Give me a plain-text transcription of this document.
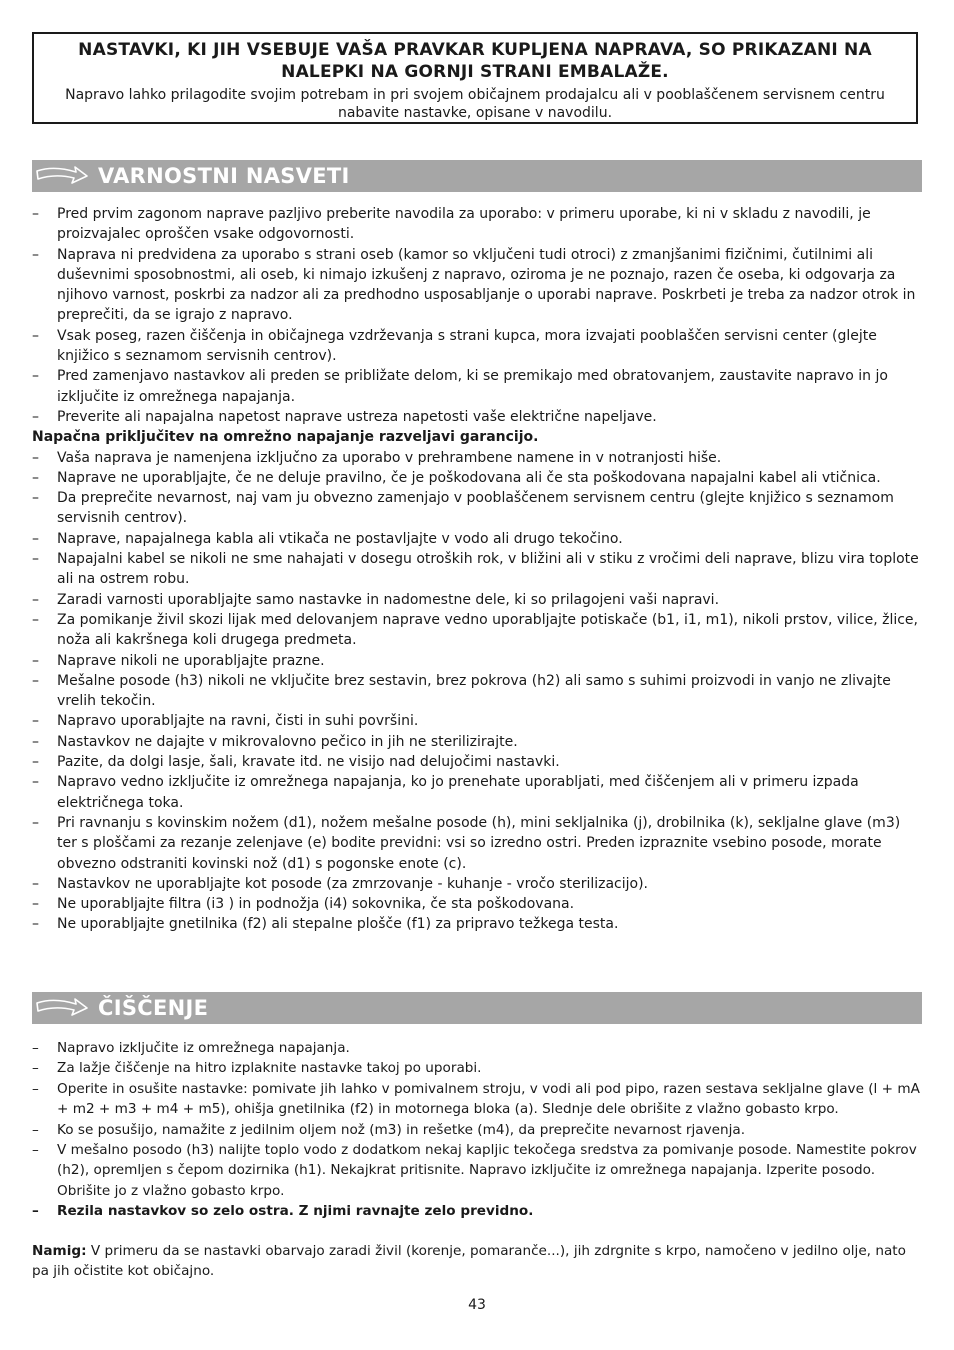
NASTAVKI, KI JIH VSEBUJE VAŠA PRAVKAR KUPLJENA NAPRAVA, SO PRIKAZANI NA NALEPKI NA GORNJI STRANI EMBALAŽE.
Napravo lahko prilagodite svojim potrebam in pri svojem običajnem prodajalcu ali v pooblaščenem servisnem centru nabavite nastavke, opisane v navodilu.
VARNOSTNI NASVETI
– Pred prvim zagonom naprave pazljivo preberite navodila za uporabo: v primeru uporabe, ki ni v skladu z navodili, je proizvajalec oproščen vsake odgovornosti.
– Naprava ni predvidena za uporabo s strani oseb (kamor so vključeni tudi otroci) z zmanjšanimi fizičnimi, čutilnimi ali duševnimi sposobnostmi, ali oseb, ki nimajo izkušenj z napravo, oziroma je ne poznajo, razen če oseba, ki odgovarja za njihovo varnost, poskrbi za nadzor ali za predhodno usposabljanje o uporabi naprave. Poskrbeti je treba za nadzor otrok in preprečiti, da se igrajo z napravo.
– Vsak poseg, razen čiščenja in običajnega vzdrževanja s strani kupca, mora izvajati pooblaščen servisni center (glejte knjižico s seznamom servisnih centrov).
– Pred zamenjavo nastavkov ali preden se približate delom, ki se premikajo med obratovanjem, zaustavite napravo in jo izključite iz omrežnega napajanja.
– Preverite ali napajalna napetost naprave ustreza napetosti vaše električne napeljave.
Napačna priključitev na omrežno napajanje razveljavi garancijo.
– Vaša naprava je namenjena izključno za uporabo v prehrambene namene in v notranjosti hiše.
– Naprave ne uporabljajte, če ne deluje pravilno, če je poškodovana ali če sta poškodovana napajalni kabel ali vtičnica.
– Da preprečite nevarnost, naj vam ju obvezno zamenjajo v pooblaščenem servisnem centru (glejte knjižico s seznamom servisnih centrov).
– Naprave, napajalnega kabla ali vtikača ne postavljajte v vodo ali drugo tekočino.
– Napajalni kabel se nikoli ne sme nahajati v dosegu otroških rok, v bližini ali v stiku z vročimi deli naprave, blizu vira toplote ali na ostrem robu.
– Zaradi varnosti uporabljajte samo nastavke in nadomestne dele, ki so prilagojeni vaši napravi.
– Za pomikanje živil skozi lijak med delovanjem naprave vedno uporabljajte potiskače (b1, i1, m1), nikoli prstov, vilice, žlice, noža ali kakršnega koli drugega predmeta.
– Naprave nikoli ne uporabljajte prazne.
– Mešalne posode (h3) nikoli ne vključite brez sestavin, brez pokrova (h2) ali samo s suhimi proizvodi in vanjo ne zlivajte vrelih tekočin.
– Napravo uporabljajte na ravni, čisti in suhi površini.
– Nastavkov ne dajajte v mikrovalovno pečico in jih ne sterilizirajte.
– Pazite, da dolgi lasje, šali, kravate itd. ne visijo nad delujočimi nastavki.
– Napravo vedno izključite iz omrežnega napajanja, ko jo prenehate uporabljati, med čiščenjem ali v primeru izpada električnega toka.
– Pri ravnanju s kovinskim nožem (d1), nožem mešalne posode (h), mini sekljalnika (j), drobilnika (k), sekljalne glave (m3) ter s ploščami za rezanje zelenjave (e) bodite previdni: vsi so izredno ostri. Preden izpraznite vsebino posode, morate obvezno odstraniti kovinski nož (d1) s pogonske enote (c).
– Nastavkov ne uporabljajte kot posode (za zmrzovanje - kuhanje - vročo sterilizacijo).
– Ne uporabljajte filtra (i3 ) in podnožja (i4) sokovnika, če sta poškodovana.
– Ne uporabljajte gnetilnika (f2) ali stepalne plošče (f1) za pripravo težkega testa.
ČIŠČENJE
– Napravo izključite iz omrežnega napajanja.
– Za lažje čiščenje na hitro izplaknite nastavke takoj po uporabi.
– Operite in osušite nastavke: pomivate jih lahko v pomivalnem stroju, v vodi ali pod pipo, razen sestava sekljalne glave (l + mA + m2 + m3 + m4 + m5), ohišja gnetilnika (f2) in motornega bloka (a). Slednje dele obrišite z vlažno gobasto krpo.
– Ko se posušijo, namažite z jedilnim oljem nož (m3) in rešetke (m4), da preprečite nevarnost rjavenja.
– V mešalno posodo (h3) nalijte toplo vodo z dodatkom nekaj kapljic tekočega sredstva za pomivanje posode. Namestite pokrov (h2), opremljen s čepom dozirnika (h1). Nekajkrat pritisnite. Napravo izključite iz omrežnega napajanja. Izperite posodo. Obrišite jo z vlažno gobasto krpo.
– Rezila nastavkov so zelo ostra. Z njimi ravnajte zelo previdno.
Namig: V primeru da se nastavki obarvajo zaradi živil (korenje, pomaranče...), jih zdrgnite s krpo, namočeno v jedilno olje, nato pa jih očistite kot običajno.
43
